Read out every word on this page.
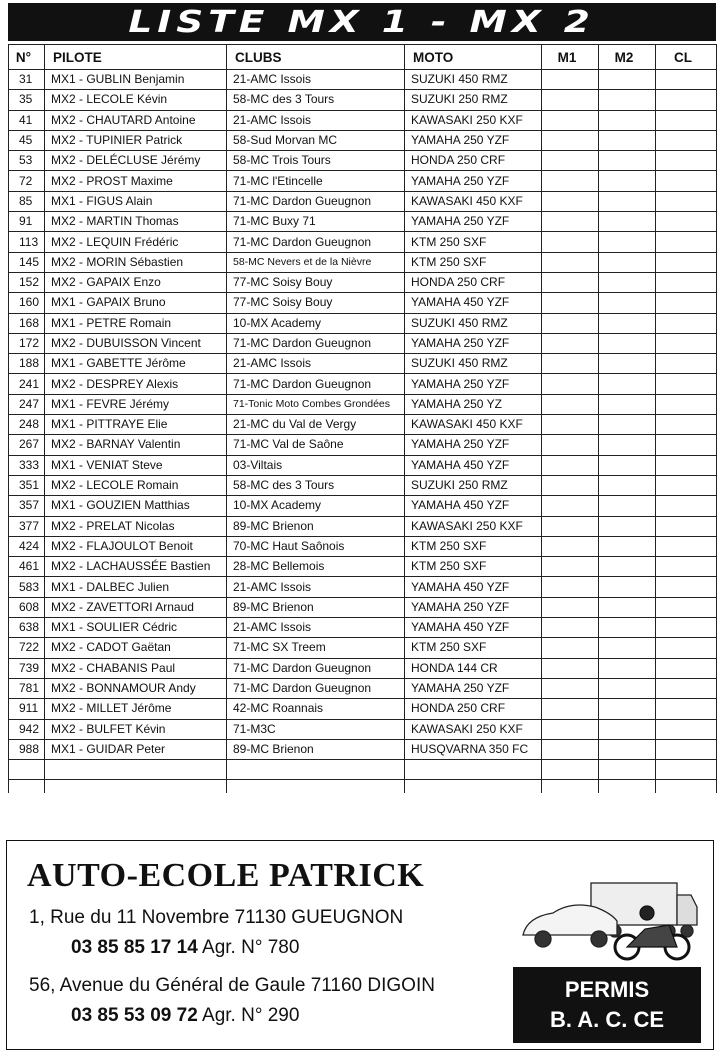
LISTE MX 1 - MX 2
N°	PILOTE	CLUBS	MOTO	M1	M2	CL
31	MX1 - GUBLIN Benjamin	21-AMC Issois	SUZUKI 450 RMZ			
35	MX2 - LECOLE Kévin	58-MC des 3 Tours	SUZUKI 250 RMZ			
41	MX2 - CHAUTARD Antoine	21-AMC Issois	KAWASAKI 250 KXF			
45	MX2 - TUPINIER Patrick	58-Sud Morvan MC	YAMAHA 250 YZF			
53	MX2 - DELÉCLUSE Jérémy	58-MC Trois Tours	HONDA 250 CRF			
72	MX2 - PROST Maxime	71-MC l'Etincelle	YAMAHA 250 YZF			
85	MX1 - FIGUS Alain	71-MC Dardon Gueugnon	KAWASAKI 450 KXF			
91	MX2 - MARTIN Thomas	71-MC Buxy 71	YAMAHA 250 YZF			
113	MX2 - LEQUIN Frédéric	71-MC Dardon Gueugnon	KTM 250 SXF			
145	MX2 - MORIN Sébastien	58-MC Nevers et de la Nièvre	KTM 250 SXF			
152	MX2 - GAPAIX Enzo	77-MC Soisy Bouy	HONDA 250 CRF			
160	MX1 - GAPAIX Bruno	77-MC Soisy Bouy	YAMAHA 450 YZF			
168	MX1 - PETRE Romain	10-MX Academy	SUZUKI 450 RMZ			
172	MX2 - DUBUISSON Vincent	71-MC Dardon Gueugnon	YAMAHA 250 YZF			
188	MX1 - GABETTE Jérôme	21-AMC Issois	SUZUKI 450 RMZ			
241	MX2 - DESPREY Alexis	71-MC Dardon Gueugnon	YAMAHA 250 YZF			
247	MX1 - FEVRE Jérémy	71-Tonic Moto Combes Grondées	YAMAHA 250 YZ			
248	MX1 - PITTRAYE Elie	21-MC du Val de Vergy	KAWASAKI 450 KXF			
267	MX2 - BARNAY Valentin	71-MC Val de Saône	YAMAHA 250 YZF			
333	MX1 - VENIAT Steve	03-Viltais	YAMAHA 450 YZF			
351	MX2 - LECOLE Romain	58-MC des 3 Tours	SUZUKI 250 RMZ			
357	MX1 - GOUZIEN Matthias	10-MX Academy	YAMAHA 450 YZF			
377	MX2 - PRELAT Nicolas	89-MC Brienon	KAWASAKI 250 KXF			
424	MX2 - FLAJOULOT Benoit	70-MC Haut Saônois	KTM 250 SXF			
461	MX2 - LACHAUSSÉE Bastien	28-MC Bellemois	KTM 250 SXF			
583	MX1 - DALBEC Julien	21-AMC Issois	YAMAHA 450 YZF			
608	MX2 - ZAVETTORI Arnaud	89-MC Brienon	YAMAHA 250 YZF			
638	MX1 - SOULIER Cédric	21-AMC Issois	YAMAHA 450 YZF			
722	MX2 - CADOT Gaëtan	71-MC SX Treem	KTM 250 SXF			
739	MX2 - CHABANIS Paul	71-MC Dardon Gueugnon	HONDA 144 CR			
781	MX2 - BONNAMOUR Andy	71-MC Dardon Gueugnon	YAMAHA 250 YZF			
911	MX2 - MILLET Jérôme	42-MC Roannais	HONDA 250 CRF			
942	MX2 - BULFET Kévin	71-M3C	KAWASAKI 250 KXF			
988	MX1 - GUIDAR Peter	89-MC Brienon	HUSQVARNA 350 FC			

AUTO-ECOLE PATRICK
1, Rue du 11 Novembre 71130 GUEUGNON
03 85 85 17 14 Agr. N° 780
56, Avenue du Général de Gaule 71160 DIGOIN
03 85 53 09 72 Agr. N° 290
PERMIS
B. A. C. CE
